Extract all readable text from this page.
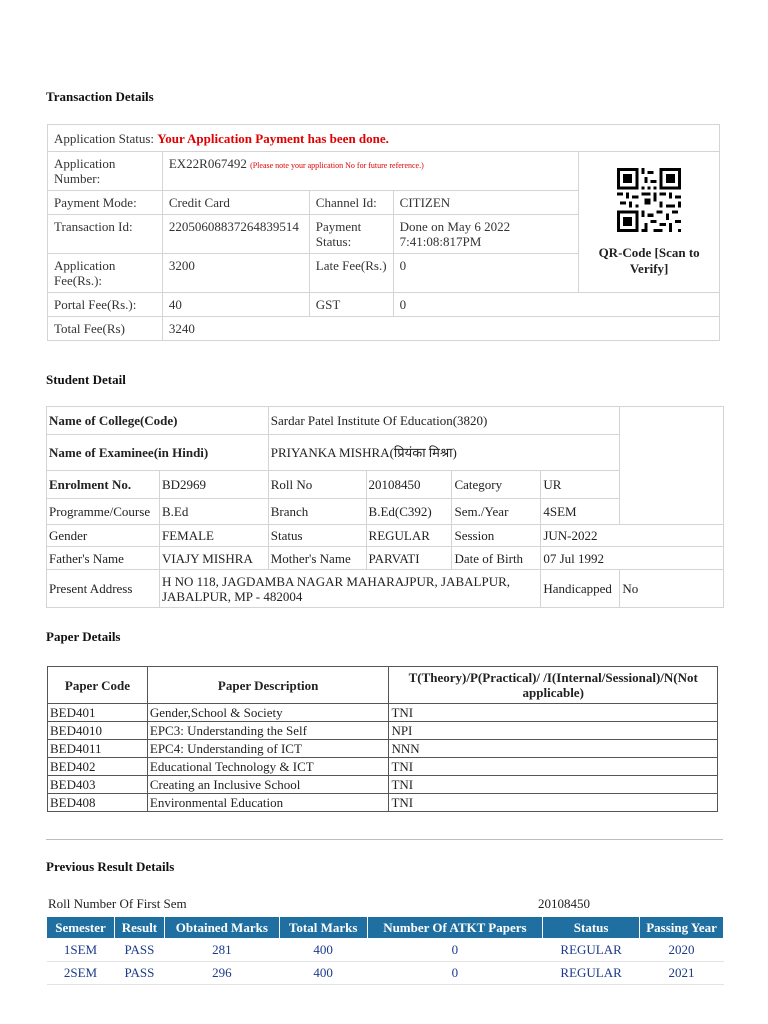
Transaction Details
Application Status: Your Application Payment has been done.				
Application Number:	EX22R067492 (Please note your application No for future reference.)			QR-Code [Scan to Verify]

Payment Mode:	Credit Card	Channel Id:	CITIZEN	
Transaction Id:	22050608837264839514	Payment Status:	Done on May 6 2022 7:41:08:817PM	
Application Fee(Rs.):	3200	Late Fee(Rs.)	0	
Portal Fee(Rs.):	40	GST	0	
Total Fee(Rs)	3240			
Student Detail
Name of College(Code)		Sardar Patel Institute Of Education(3820)				
Name of Examinee(in Hindi)		PRIYANKA MISHRA(प्रियंका मिश्रा)				
Enrolment No.	BD2969	Roll No	20108450	Category	UR	
Programme/Course	B.Ed	Branch	B.Ed(C392)	Sem./Year	4SEM	
Gender	FEMALE	Status	REGULAR	Session	JUN-2022	
Father's Name	VIAJY MISHRA	Mother's Name	PARVATI	Date of Birth	07 Jul 1992	
Present Address	H NO 118, JAGDAMBA NAGAR MAHARAJPUR, JABALPUR, JABALPUR, MP - 482004				Handicapped	No
Paper Details
Paper Code	Paper Description	T(Theory)/P(Practical)/ /I(Internal/Sessional)/N(Not applicable)
BED401	Gender,School & Society	TNI
BED4010	EPC3: Understanding the Self	NPI
BED4011	EPC4: Understanding of ICT	NNN
BED402	Educational Technology & ICT	TNI
BED403	Creating an Inclusive School	TNI
BED408	Environmental Education	TNI
Previous Result Details
Roll Number Of First Sem	20108450
Semester	Result	Obtained Marks	Total Marks	Number Of ATKT Papers	Status	Passing Year
1SEM	PASS	281	400	0	REGULAR	2020
2SEM	PASS	296	400	0	REGULAR	2021
